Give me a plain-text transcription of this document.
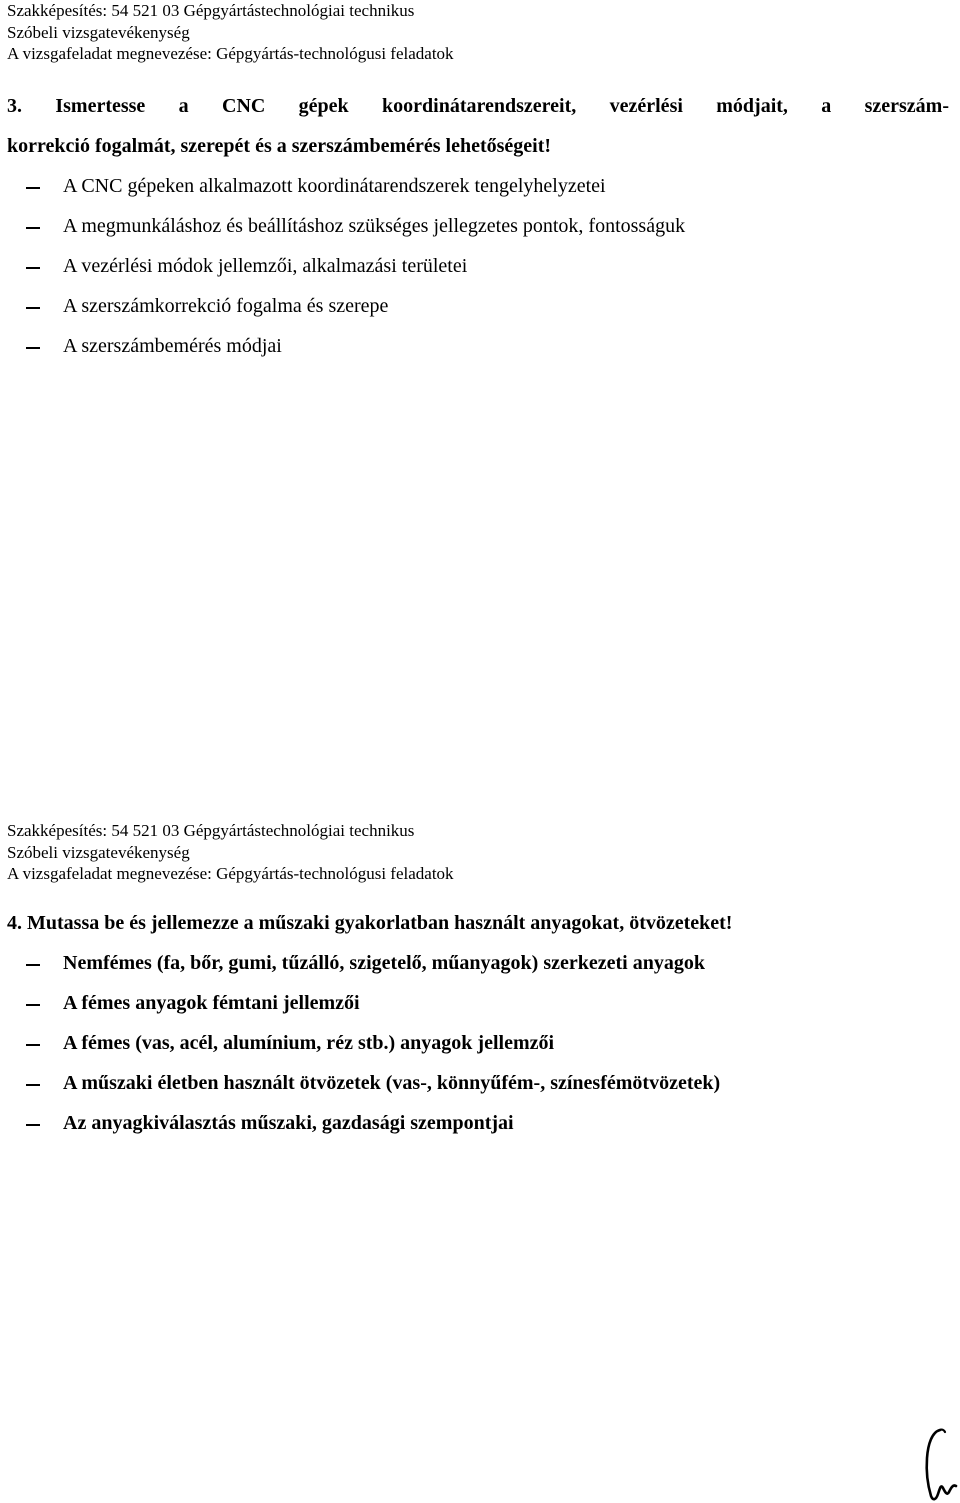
Szakképesítés: 54 521 03 Gépgyártástechnológiai technikus
Szóbeli vizsgatevékenység
A vizsgafeladat megnevezése: Gépgyártás-technológusi feladatok
3. Ismertesse a CNC gépek koordinátarendszereit, vezérlési módjait, a szerszám-
korrekció fogalmát, szerepét és a szerszámbemérés lehetőségeit!
A CNC gépeken alkalmazott koordinátarendszerek tengelyhelyzetei
A megmunkáláshoz és beállításhoz szükséges jellegzetes pontok, fontosságuk
A vezérlési módok jellemzői, alkalmazási területei
A szerszámkorrekció fogalma és szerepe
A szerszámbemérés módjai
Szakképesítés: 54 521 03 Gépgyártástechnológiai technikus
Szóbeli vizsgatevékenység
A vizsgafeladat megnevezése: Gépgyártás-technológusi feladatok
4. Mutassa be és jellemezze a műszaki gyakorlatban használt anyagokat, ötvözeteket!
Nemfémes (fa, bőr, gumi, tűzálló, szigetelő, műanyagok) szerkezeti anyagok
A fémes anyagok fémtani jellemzői
A fémes (vas, acél, alumínium, réz stb.) anyagok jellemzői
A műszaki életben használt ötvözetek (vas-, könnyűfém-, színesfémötvözetek)
Az anyagkiválasztás műszaki, gazdasági szempontjai
